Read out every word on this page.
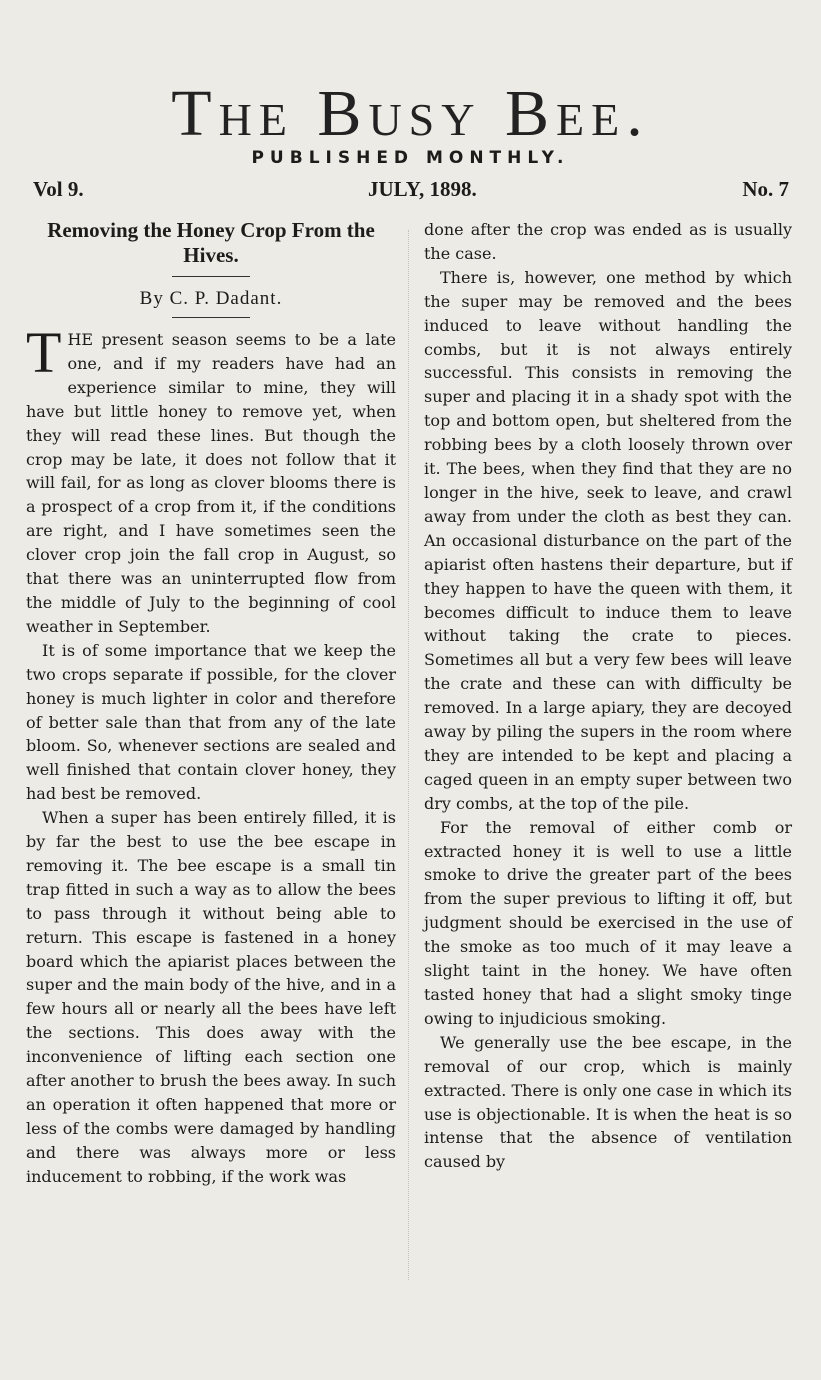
The Busy Bee.
PUBLISHED MONTHLY.
Vol 9.	JULY, 1898.	No. 7
Removing the Honey Crop From the Hives.
By C. P. Dadant.

THE present season seems to be a late one, and if my readers have had an experience similar to mine, they will have but little honey to remove yet, when they will read these lines. But though the crop may be late, it does not follow that it will fail, for as long as clover blooms there is a prospect of a crop from it, if the conditions are right, and I have sometimes seen the clover crop join the fall crop in August, so that there was an uninterrupted flow from the middle of July to the beginning of cool weather in September.

It is of some importance that we keep the two crops separate if possible, for the clover honey is much lighter in color and therefore of better sale than that from any of the late bloom. So, whenever sections are sealed and well finished that contain clover honey, they had best be removed.

When a super has been entirely filled, it is by far the best to use the bee escape in removing it. The bee escape is a small tin trap fitted in such a way as to allow the bees to pass through it without being able to return. This escape is fastened in a honey board which the apiarist places between the super and the main body of the hive, and in a few hours all or nearly all the bees have left the sections. This does away with the inconvenience of lifting each section one after another to brush the bees away. In such an operation it often happened that more or less of the combs were damaged by handling and there was always more or less inducement to robbing, if the work was

done after the crop was ended as is usually the case.

There is, however, one method by which the super may be removed and the bees induced to leave without handling the combs, but it is not always entirely successful. This consists in removing the super and placing it in a shady spot with the top and bottom open, but sheltered from the robbing bees by a cloth loosely thrown over it. The bees, when they find that they are no longer in the hive, seek to leave, and crawl away from under the cloth as best they can. An occasional disturbance on the part of the apiarist often hastens their departure, but if they happen to have the queen with them, it becomes difficult to induce them to leave without taking the crate to pieces. Sometimes all but a very few bees will leave the crate and these can with difficulty be removed. In a large apiary, they are decoyed away by piling the supers in the room where they are intended to be kept and placing a caged queen in an empty super between two dry combs, at the top of the pile.

For the removal of either comb or extracted honey it is well to use a little smoke to drive the greater part of the bees from the super previous to lifting it off, but judgment should be exercised in the use of the smoke as too much of it may leave a slight taint in the honey. We have often tasted honey that had a slight smoky tinge owing to injudicious smoking.

We generally use the bee escape, in the removal of our crop, which is mainly extracted. There is only one case in which its use is objectionable. It is when the heat is so intense that the absence of ventilation caused by
